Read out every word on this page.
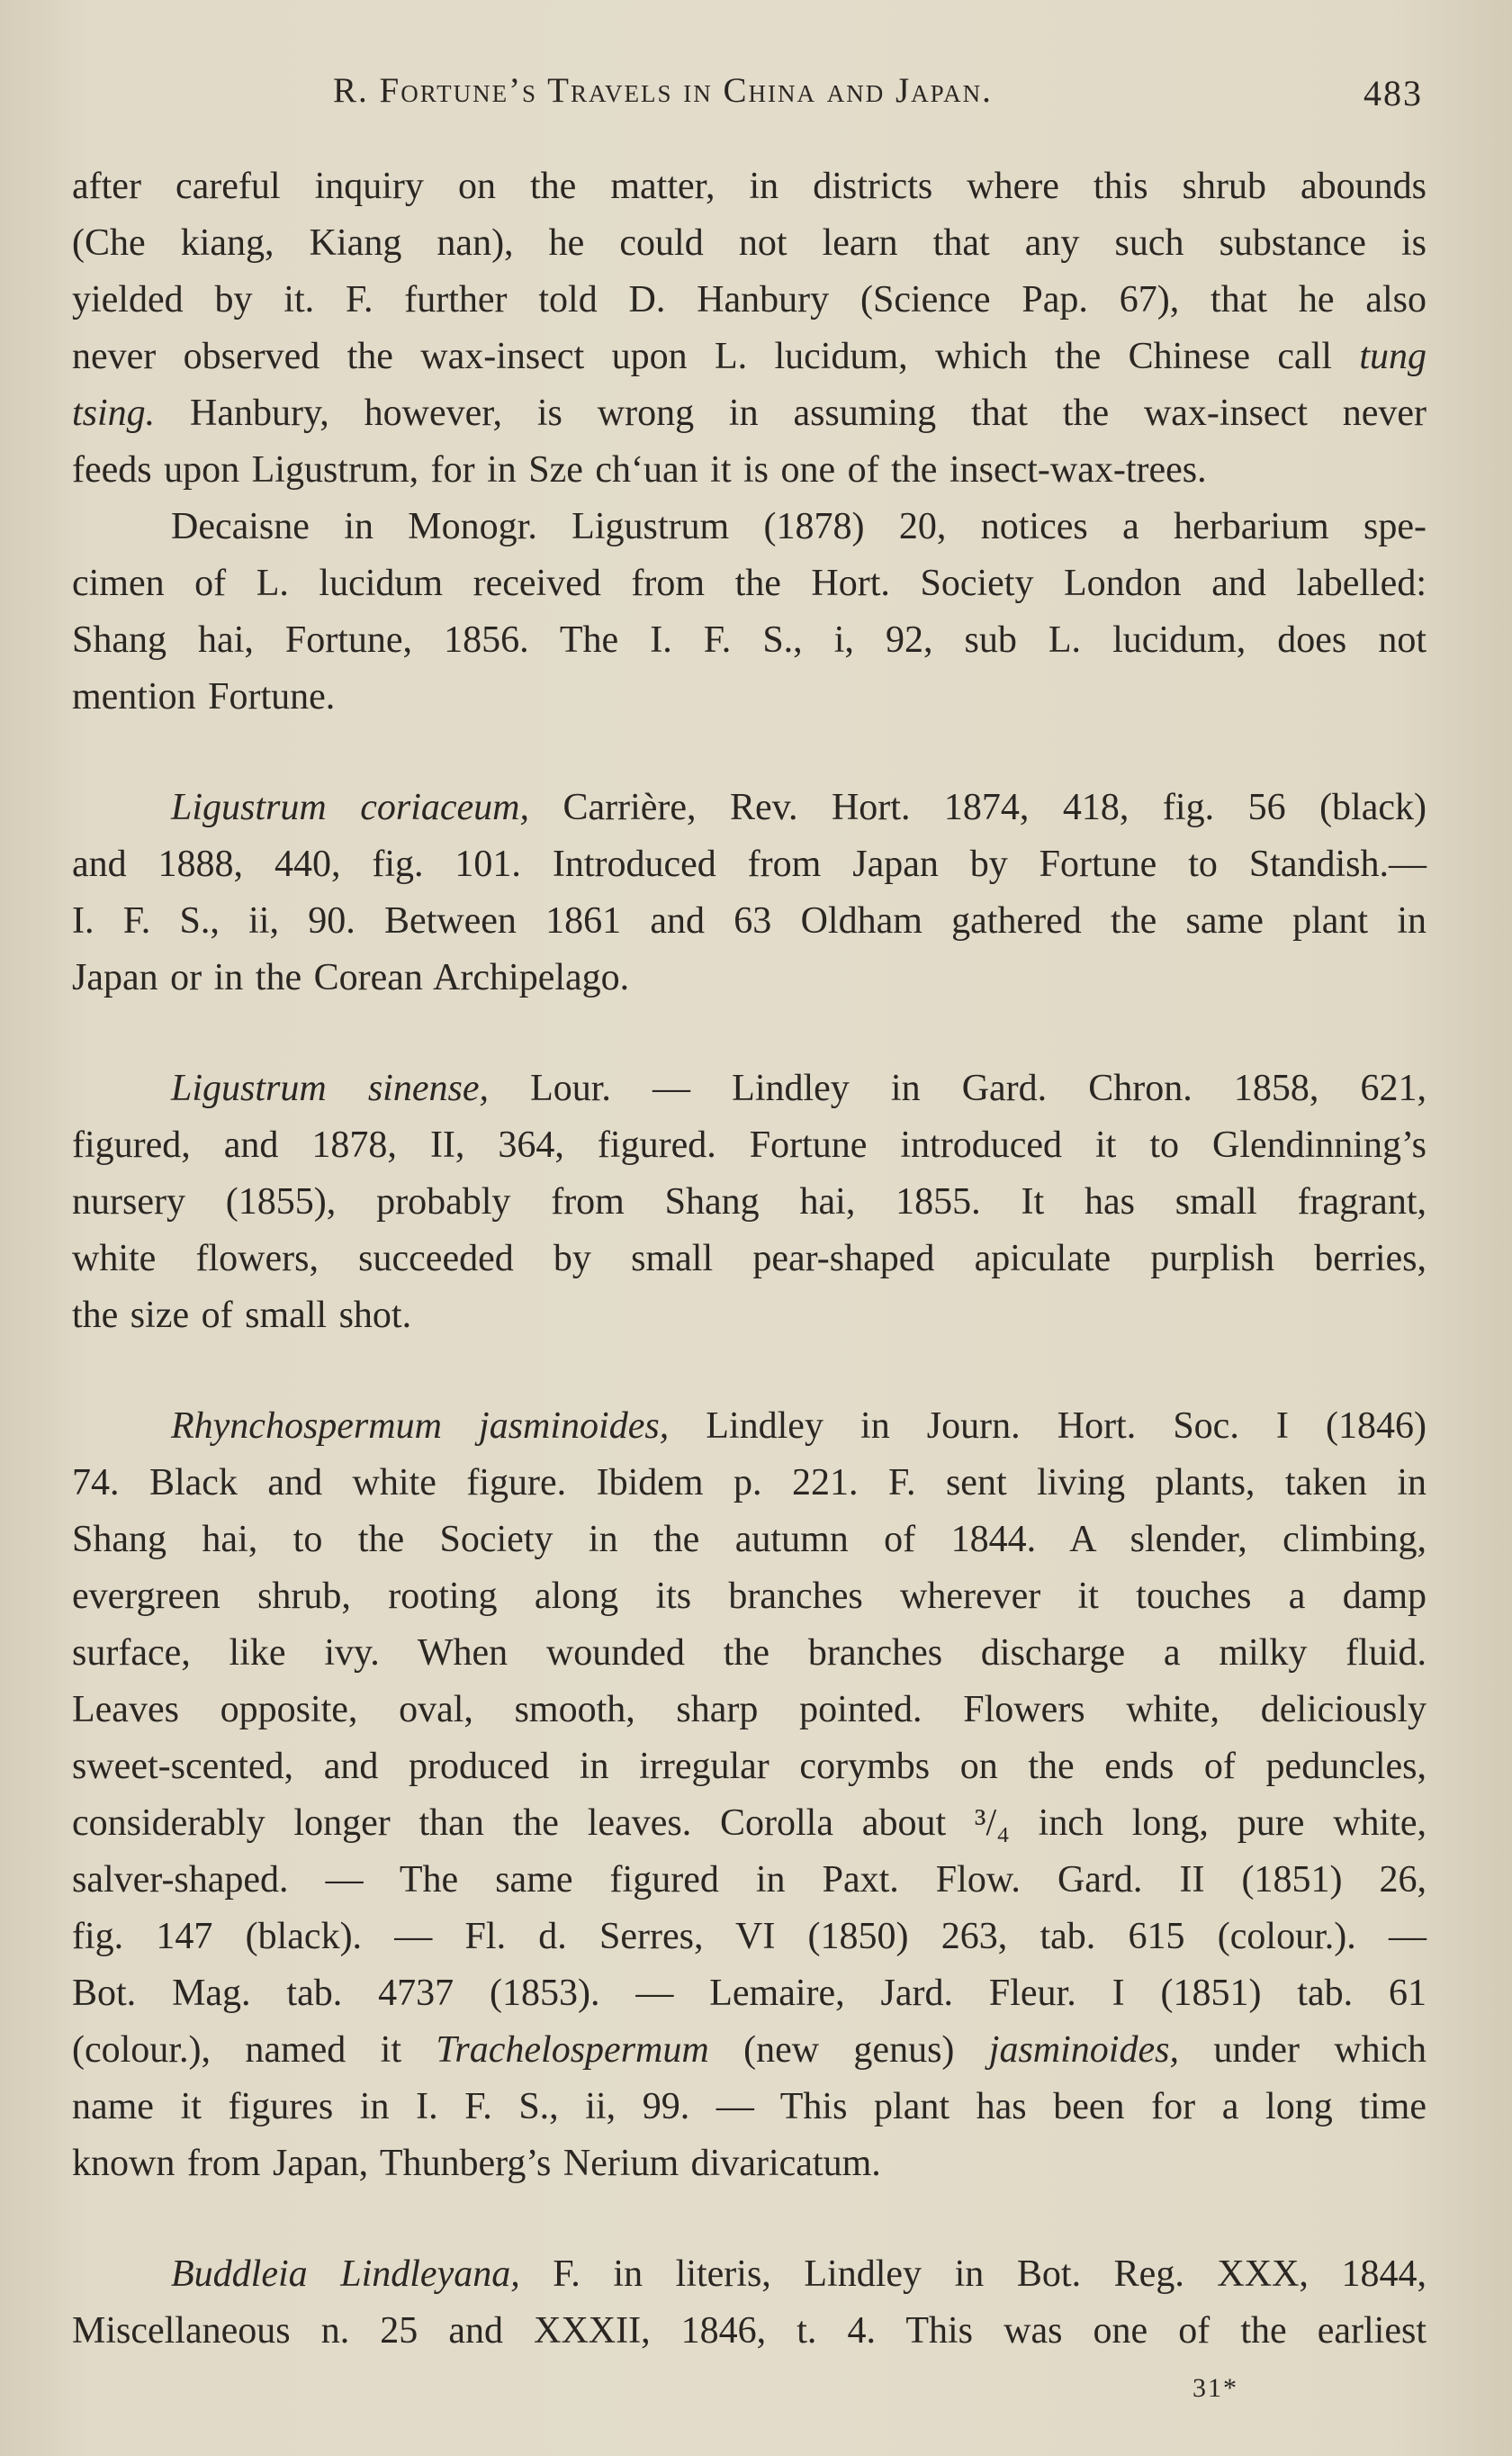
R. Fortune’s Travels in China and Japan.	483
after careful inquiry on the matter, in districts where this shrub abounds
(Che kiang, Kiang nan), he could not learn that any such substance is
yielded by it. F. further told D. Hanbury (Science Pap. 67), that he also
never observed the wax-insect upon L. lucidum, which the Chinese call tung
tsing. Hanbury, however, is wrong in assuming that the wax-insect never
feeds upon Ligustrum, for in Sze ch‘uan it is one of the insect-wax-trees.
Decaisne in Monogr. Ligustrum (1878) 20, notices a herbarium spe-
cimen of L. lucidum received from the Hort. Society London and labelled:
Shang hai, Fortune, 1856. The I. F. S., i, 92, sub L. lucidum, does not
mention Fortune.
Ligustrum coriaceum, Carrière, Rev. Hort. 1874, 418, fig. 56 (black)
and 1888, 440, fig. 101. Introduced from Japan by Fortune to Standish.—
I. F. S., ii, 90. Between 1861 and 63 Oldham gathered the same plant in
Japan or in the Corean Archipelago.
Ligustrum sinense, Lour. — Lindley in Gard. Chron. 1858, 621,
figured, and 1878, II, 364, figured. Fortune introduced it to Glendinning’s
nursery (1855), probably from Shang hai, 1855. It has small fragrant,
white flowers, succeeded by small pear-shaped apiculate purplish berries,
the size of small shot.
Rhynchospermum jasminoides, Lindley in Journ. Hort. Soc. I (1846)
74. Black and white figure. Ibidem p. 221. F. sent living plants, taken in
Shang hai, to the Society in the autumn of 1844. A slender, climbing,
evergreen shrub, rooting along its branches wherever it touches a damp
surface, like ivy. When wounded the branches discharge a milky fluid.
Leaves opposite, oval, smooth, sharp pointed. Flowers white, deliciously
sweet-scented, and produced in irregular corymbs on the ends of peduncles,
considerably longer than the leaves. Corolla about ³/₄ inch long, pure white,
salver-shaped. — The same figured in Paxt. Flow. Gard. II (1851) 26,
fig. 147 (black). — Fl. d. Serres, VI (1850) 263, tab. 615 (colour.). —
Bot. Mag. tab. 4737 (1853). — Lemaire, Jard. Fleur. I (1851) tab. 61
(colour.), named it Trachelospermum (new genus) jasminoides, under which
name it figures in I. F. S., ii, 99. — This plant has been for a long time
known from Japan, Thunberg’s Nerium divaricatum.
Buddleia Lindleyana, F. in literis, Lindley in Bot. Reg. XXX, 1844,
Miscellaneous n. 25 and XXXII, 1846, t. 4. This was one of the earliest
31*
